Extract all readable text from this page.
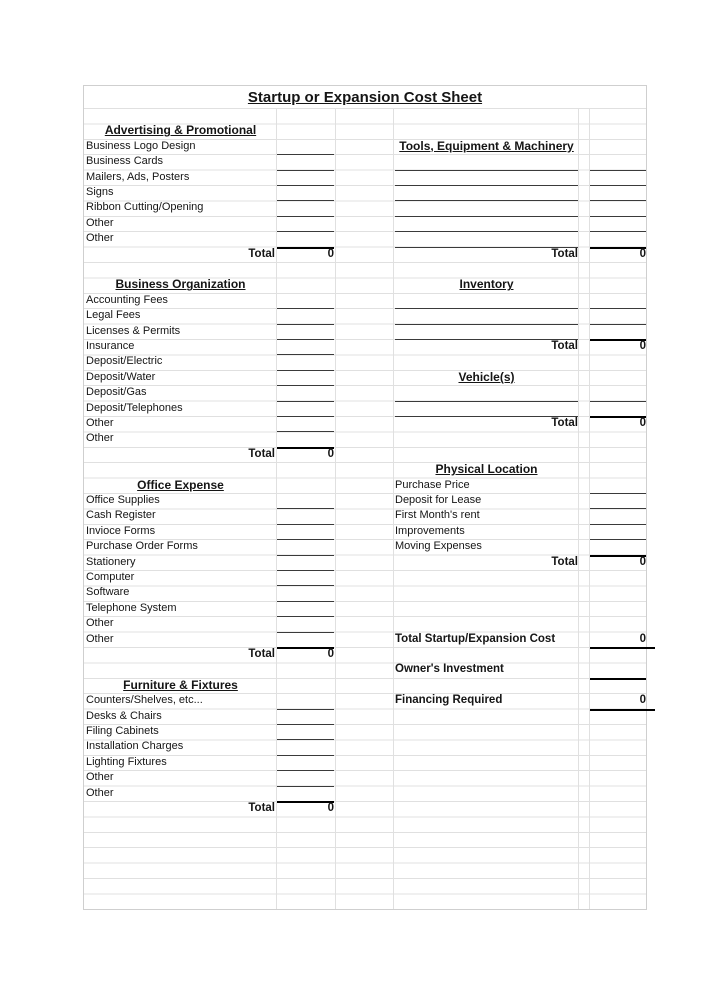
Startup or Expansion Cost Sheet
Advertising & Promotional
Business Logo Design	Tools, Equipment & Machinery
Business Cards
Mailers, Ads, Posters
Signs
Ribbon Cutting/Opening
Other
Other
Total	0	Total	0
Business Organization	Inventory
Accounting Fees
Legal Fees
Licenses & Permits
Insurance	Total	0
Deposit/Electric
Deposit/Water	Vehicle(s)
Deposit/Gas
Deposit/Telephones
Other	Total	0
Other
Total	0
Physical Location
Office Expense	Purchase Price
Office Supplies	Deposit for Lease
Cash Register	First Month's rent
Invioce Forms	Improvements
Purchase Order Forms	Moving Expenses
Stationery	Total	0
Computer
Software
Telephone System
Other
Other	Total Startup/Expansion Cost	0
Total	0
Owner's Investment
Furniture & Fixtures
Counters/Shelves, etc...	Financing Required	0
Desks & Chairs
Filing Cabinets
Installation Charges
Lighting Fixtures
Other
Other
Total	0
